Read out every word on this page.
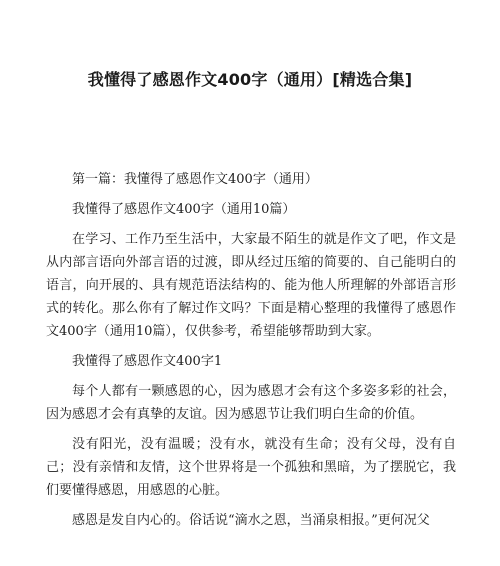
我懂得了感恩作文400字（通用）[精选合集]

第一篇：我懂得了感恩作文400字（通用）

我懂得了感恩作文400字（通用10篇）

在学习、工作乃至生活中，大家最不陌生的就是作文了吧，作文是从内部言语向外部言语的过渡，即从经过压缩的简要的、自己能明白的语言，向开展的、具有规范语法结构的、能为他人所理解的外部语言形式的转化。那么你有了解过作文吗？下面是精心整理的我懂得了感恩作文400字（通用10篇），仅供参考，希望能够帮助到大家。

我懂得了感恩作文400字1

每个人都有一颗感恩的心，因为感恩才会有这个多姿多彩的社会，因为感恩才会有真挚的友谊。因为感恩节让我们明白生命的价值。

没有阳光，没有温暖；没有水，就没有生命；没有父母，没有自己；没有亲情和友情，这个世界将是一个孤独和黑暗，为了摆脱它，我们要懂得感恩，用感恩的心脏。

感恩是发自内心的。俗话说“滴水之恩，当涌泉相报。”更何况父
